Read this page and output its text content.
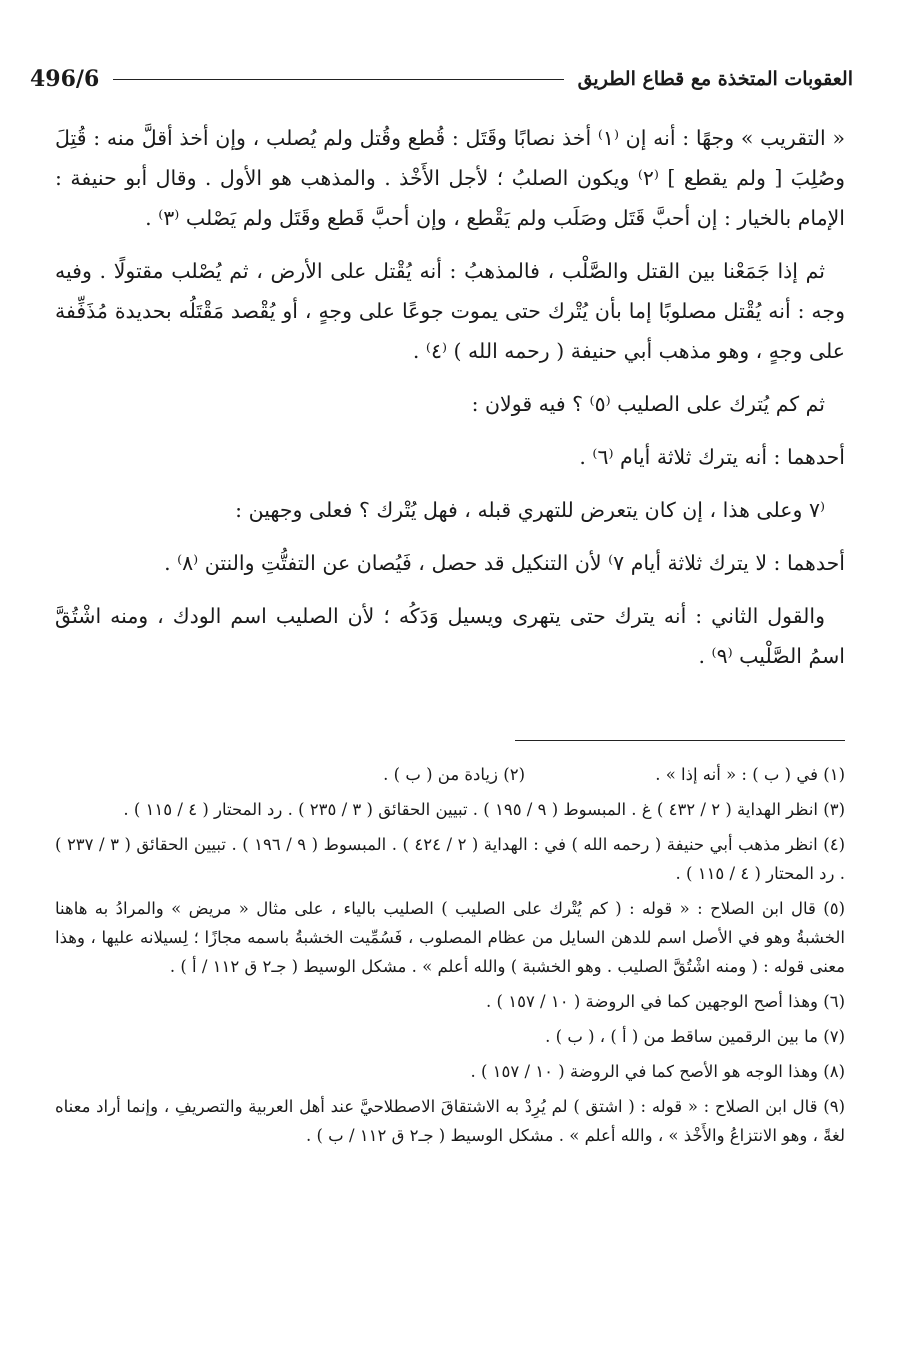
496/6	العقوبات المتخذة مع قطاع الطريق

« التقريب » وجهًا : أنه إن ⁽١⁾ أخذ نصابًا وقَتَل : قُطع وقُتل ولم يُصلب ، وإن أخذ أقلَّ منه : قُتِلَ وصُلِبَ [ ولم يقطع ] ⁽٢⁾ ويكون الصلبُ ؛ لأجل الأَخْذ . والمذهب هو الأول . وقال أبو حنيفة : الإمام بالخيار : إن أحبَّ قَتَل وصَلَب ولم يَقْطع ، وإن أحبَّ قَطع وقَتَل ولم يَصْلب ⁽٣⁾ .

ثم إذا جَمَعْنا بين القتل والصَّلْب ، فالمذهبُ : أنه يُقْتل على الأرض ، ثم يُصْلب مقتولًا . وفيه وجه : أنه يُقْتل مصلوبًا إما بأن يُتْرك حتى يموت جوعًا على وجهٍ ، أو يُقْصد مَقْتَلُه بحديدة مُذَفِّفة على وجهٍ ، وهو مذهب أبي حنيفة ( رحمه الله ) ⁽٤⁾ .

ثم كم يُترك على الصليب ⁽٥⁾ ؟ فيه قولان :

أحدهما : أنه يترك ثلاثة أيام ⁽٦⁾ .

⁽٧ وعلى هذا ، إن كان يتعرض للتهري قبله ، فهل يُتْرك ؟ فعلى وجهين :

أحدهما : لا يترك ثلاثة أيام ٧⁾ لأن التنكيل قد حصل ، فَيُصان عن التفتُّتِ والنتن ⁽٨⁾ .

والقول الثاني : أنه يترك حتى يتهرى ويسيل وَدَكُه ؛ لأن الصليب اسم الودك ، ومنه اشْتُقَّ اسمُ الصَّلْيب ⁽٩⁾ .

(١) في ( ب ) : « أنه إذا » .
(٢) زيادة من ( ب ) .

(٣) انظر الهداية ( ٢ / ٤٣٢ ) غ . المبسوط ( ٩ / ١٩٥ ) . تبيين الحقائق ( ٣ / ٢٣٥ ) . رد المحتار ( ٤ / ١١٥ ) .

(٤) انظر مذهب أبي حنيفة ( رحمه الله ) في : الهداية ( ٢ / ٤٢٤ ) . المبسوط ( ٩ / ١٩٦ ) . تبيين الحقائق ( ٣ / ٢٣٧ ) . رد المحتار ( ٤ / ١١٥ ) .

(٥) قال ابن الصلاح : « قوله : ( كم يُتْرك على الصليب ) الصليب بالياء ، على مثال « مريض » والمرادُ به هاهنا الخشبةُ وهو في الأصل اسم للدهن السايل من عظام المصلوب ، فَسُمِّيت الخشبةُ باسمه مجازًا ؛ لِسيلانه عليها ، وهذا معنى قوله : ( ومنه اشْتُقَّ الصليب . وهو الخشبة ) والله أعلم » . مشكل الوسيط ( جـ٢ ق ١١٢ / أ ) .

(٦) وهذا أصح الوجهين كما في الروضة ( ١٠ / ١٥٧ ) .

(٧) ما بين الرقمين ساقط من ( أ ) ، ( ب ) .

(٨) وهذا الوجه هو الأصح كما في الروضة ( ١٠ / ١٥٧ ) .

(٩) قال ابن الصلاح : « قوله : ( اشتق ) لم يُرِدْ به الاشتقاقَ الاصطلاحيَّ عند أهل العربية والتصريفِ ، وإنما أراد معناه لغةً ، وهو الانتزاعُ والأَخْذ » ، والله أعلم » . مشكل الوسيط ( جـ٢ ق ١١٢ / ب ) .
